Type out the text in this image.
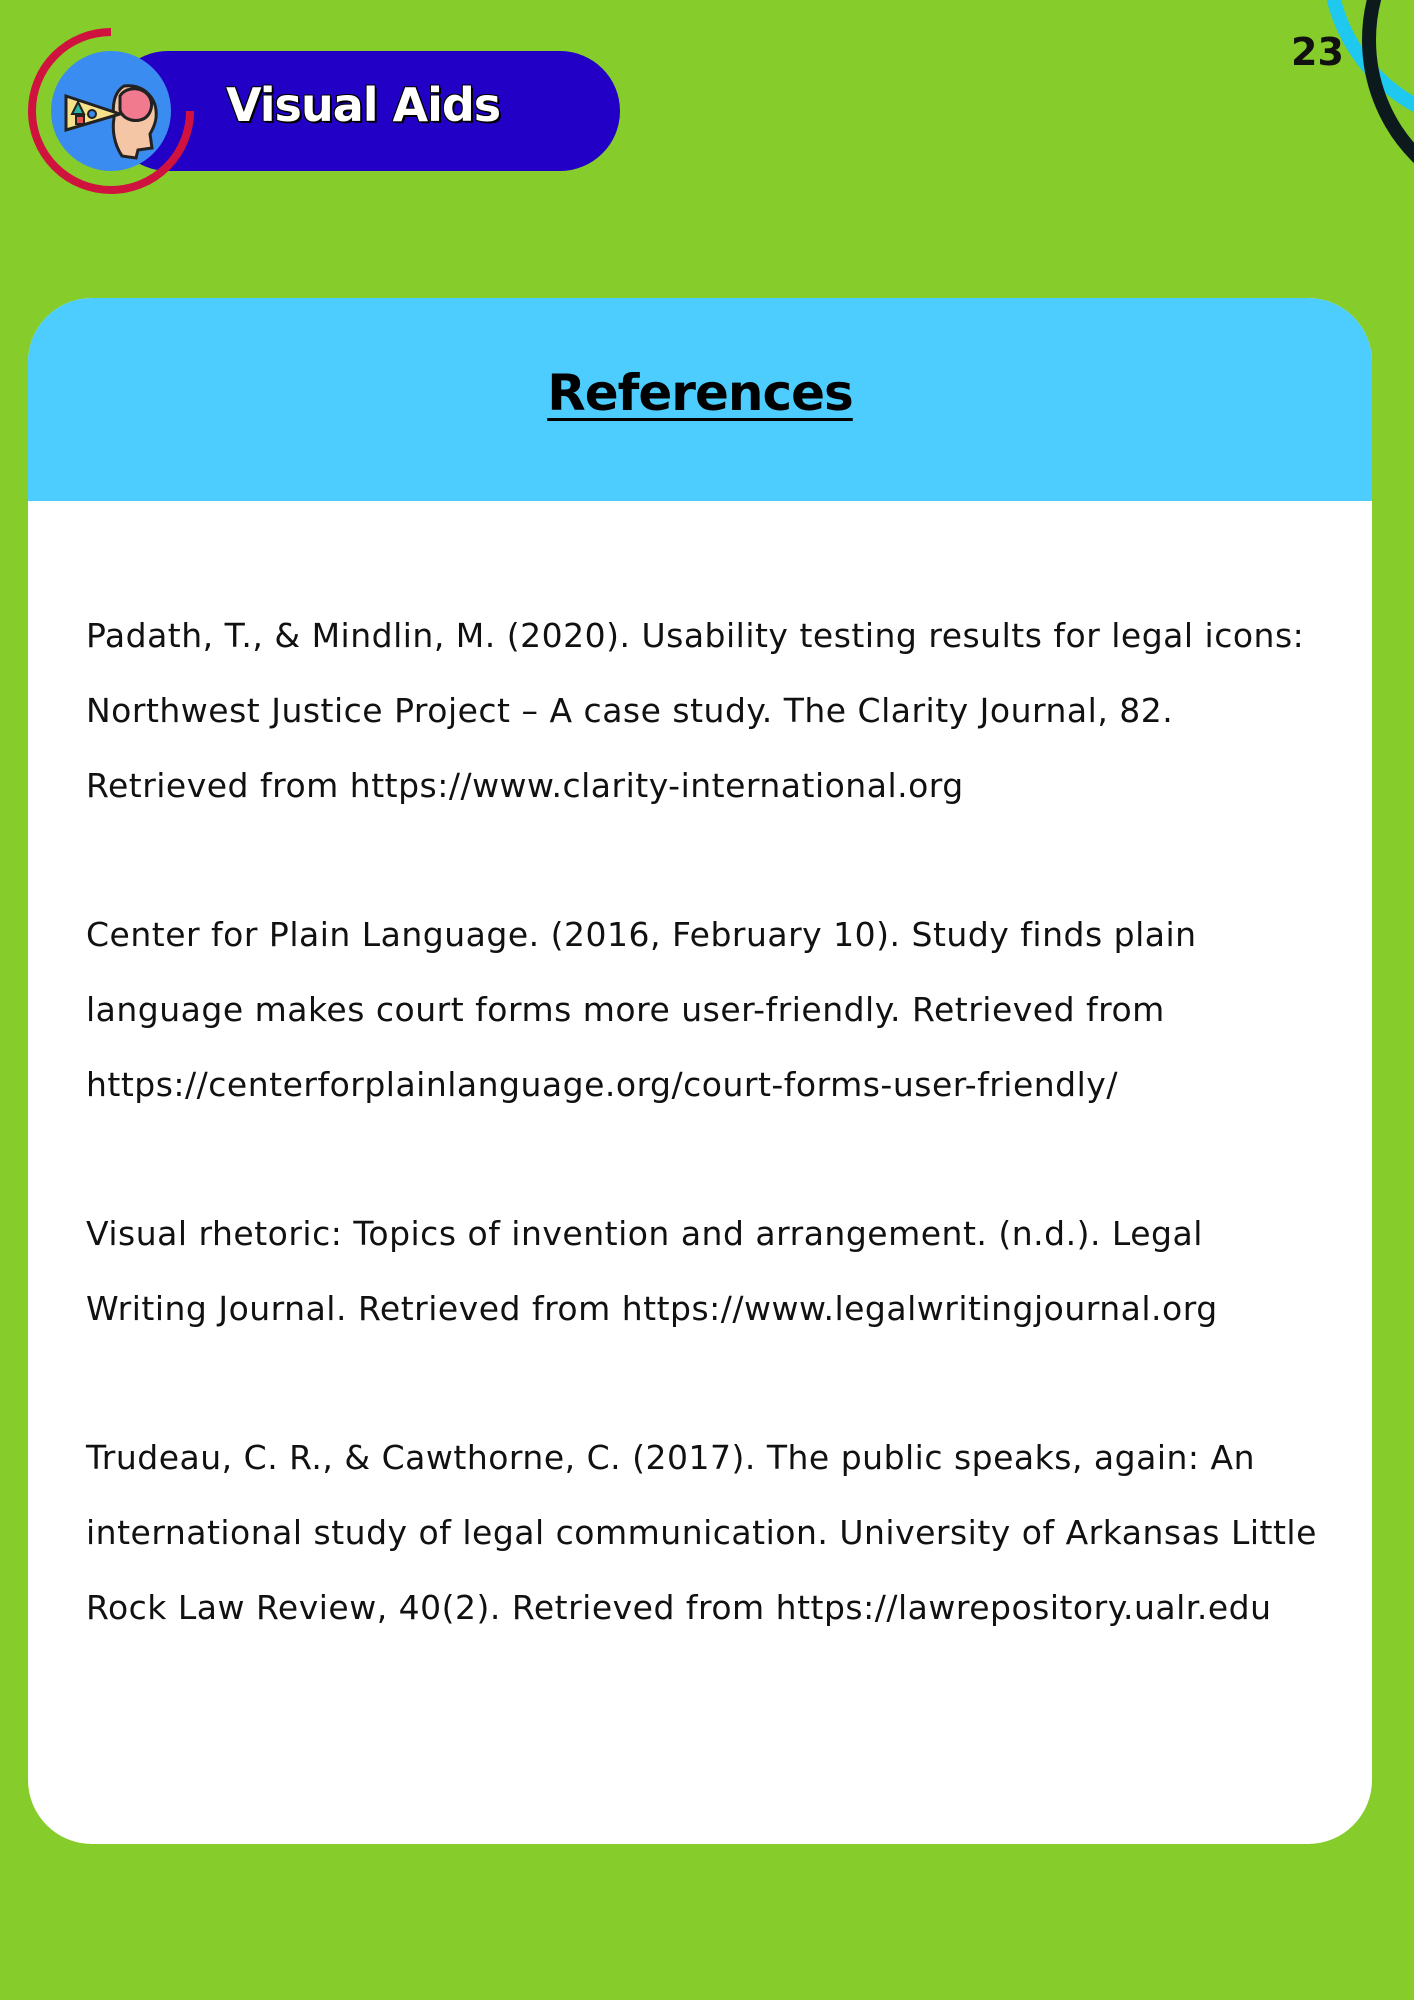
23
Visual Aids
References

Padath, T., & Mindlin, M. (2020). Usability testing results for legal icons: Northwest Justice Project – A case study. The Clarity Journal, 82. Retrieved from https://www.clarity-international.org

Center for Plain Language. (2016, February 10). Study finds plain language makes court forms more user-friendly. Retrieved from https://centerforplainlanguage.org/court-forms-user-friendly/

Visual rhetoric: Topics of invention and arrangement. (n.d.). Legal Writing Journal. Retrieved from https://www.legalwritingjournal.org

Trudeau, C. R., & Cawthorne, C. (2017). The public speaks, again: An international study of legal communication. University of Arkansas Little Rock Law Review, 40(2). Retrieved from https://lawrepository.ualr.edu
